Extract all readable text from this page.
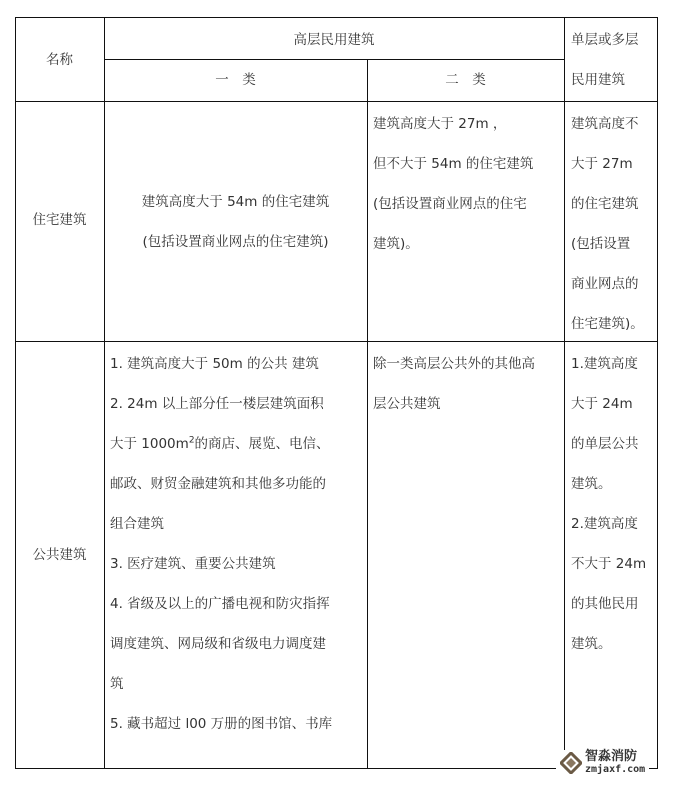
名称
高层民用建筑
一　类	二　类
单层或多层
民用建筑
住宅建筑
建筑高度大于 54m 的住宅建筑
(包括设置商业网点的住宅建筑)
建筑高度大于 27m ，
但不大于 54m 的住宅建筑
(包括设置商业网点的住宅
建筑)。
建筑高度不
大于 27m
的住宅建筑
(包括设置
商业网点的
住宅建筑)。
公共建筑
1. 建筑高度大于 50m 的公共 建筑
2. 24m 以上部分任一楼层建筑面积
大于 $1000m^2$的商店、展览、电信、
邮政、财贸金融建筑和其他多功能的
组合建筑
3. 医疗建筑、重要公共建筑
4. 省级及以上的广播电视和防灾指挥
调度建筑、网局级和省级电力调度建
筑
5. 藏书超过 l00 万册的图书馆、书库
除一类高层公共外的其他高
层公共建筑
1.建筑高度
大于 24m
的单层公共
建筑。
2.建筑高度
不大于 24m
的其他民用
建筑。
智淼消防
zmjaxf.com
